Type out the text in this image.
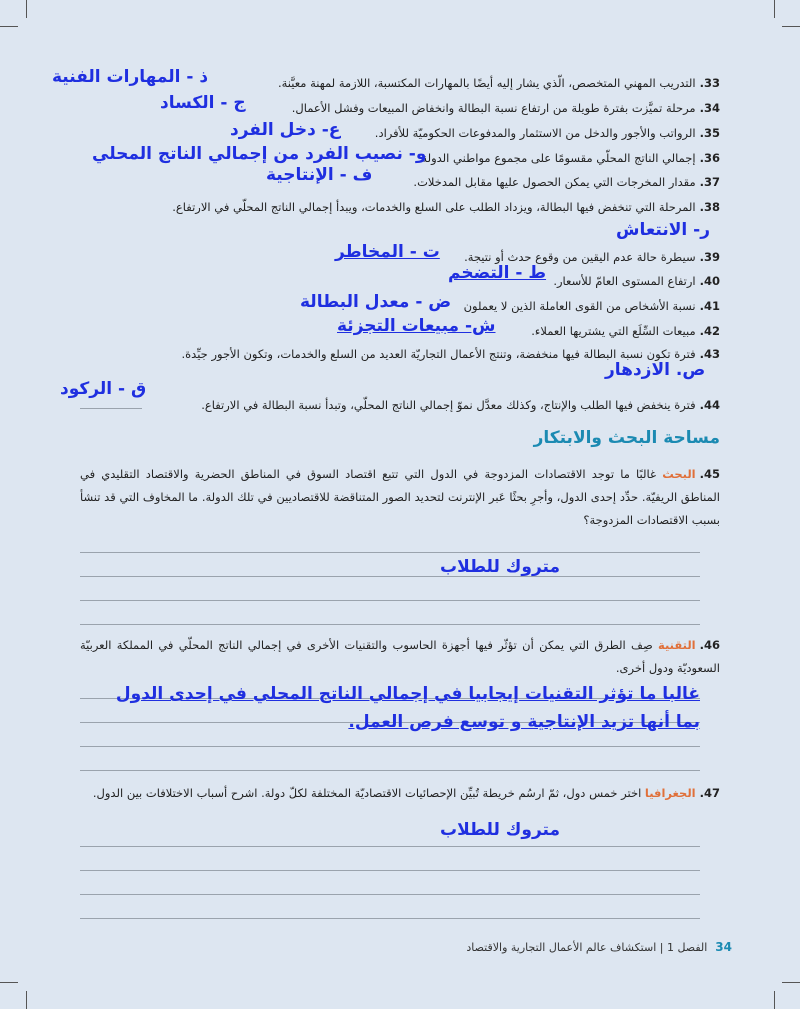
33.التدريب المهني المتخصص، الّذي يشار إليه أيضًا بالمهارات المكتسبة، اللازمة لمهنة معيَّنة.
ذ - المهارات الفنية
34.مرحلة تميَّزت بفترة طويلة من ارتفاع نسبة البطالة وانخفاض المبيعات وفشل الأعمال.
ج - الكساد
35.الرواتب والأجور والدخل من الاستثمار والمدفوعات الحكوميّة للأفراد.
ع- دخل الفرد
36.إجمالي الناتج المحلّي مقسومًا على مجموع مواطني الدولة
و- نصيب الفرد من إجمالي الناتج المحلي
37.مقدار المخرجات التي يمكن الحصول عليها مقابل المدخلات.
ف - الإنتاجية
38.المرحلة التي تنخفض فيها البطالة، ويزداد الطلب على السلع والخدمات، ويبدأ إجمالي الناتج المحلّي في الارتفاع.
ر- الانتعاش
39.سيطرة حالة عدم اليقين من وقوع حدث أو نتيجة.
ت - المخاطر
40.ارتفاع المستوى العامّ للأسعار.
ط - التضخم
41.نسبة الأشخاص من القوى العاملة الذين لا يعملون
ض - معدل البطالة
42.مبيعات السِّلَع التي يشتريها العملاء.
ش- مبيعات التجزئة
43.فترة تكون نسبة البطالة فيها منخفضة، وتنتج الأعمال التجاريّة العديد من السلع والخدمات، وتكون الأجور جيِّدة.
ص. الازدهار
44.فترة ينخفض فيها الطلب والإنتاج، وكذلك معدَّل نموّ إجمالي الناتج المحلّي، وتبدأ نسبة البطالة في الارتفاع.
ق - الركود
مساحة البحث والابتكار
45.البحث غالبًا ما توجد الاقتصادات المزدوجة في الدول التي تتبع اقتصاد السوق في المناطق الحضرية والاقتصاد التقليدي في المناطق الريفيّة. حدِّد إحدى الدول، وأجرِ بحثًا عَبر الإنترنت لتحديد الصور المتناقضة للاقتصاديين في تلك الدولة. ما المخاوف التي قد تنشأ بسبب الاقتصادات المزدوجة؟
متروك للطلاب
46.التقنية صِف الطرق التي يمكن أن تؤثّر فيها أجهزة الحاسوب والتقنيات الأخرى في إجمالي الناتج المحلّي في المملكة العربيّة السعوديّة ودول أخرى.
غالبا ما تؤثر التقنيات إيجابيا في إجمالي الناتج المحلي في إحدى الدول بما أنها تزيد الإنتاجية و توسع فرص العمل.
47.الجغرافيا اختر خمس دول، ثمّ ارسُم خريطة تُبيِّن الإحصائيات الاقتصاديّة المختلفة لكلّ دولة. اشرح أسباب الاختلافات بين الدول.
متروك للطلاب
34الفصل 1 | استكشاف عالم الأعمال التجارية والاقتصاد
